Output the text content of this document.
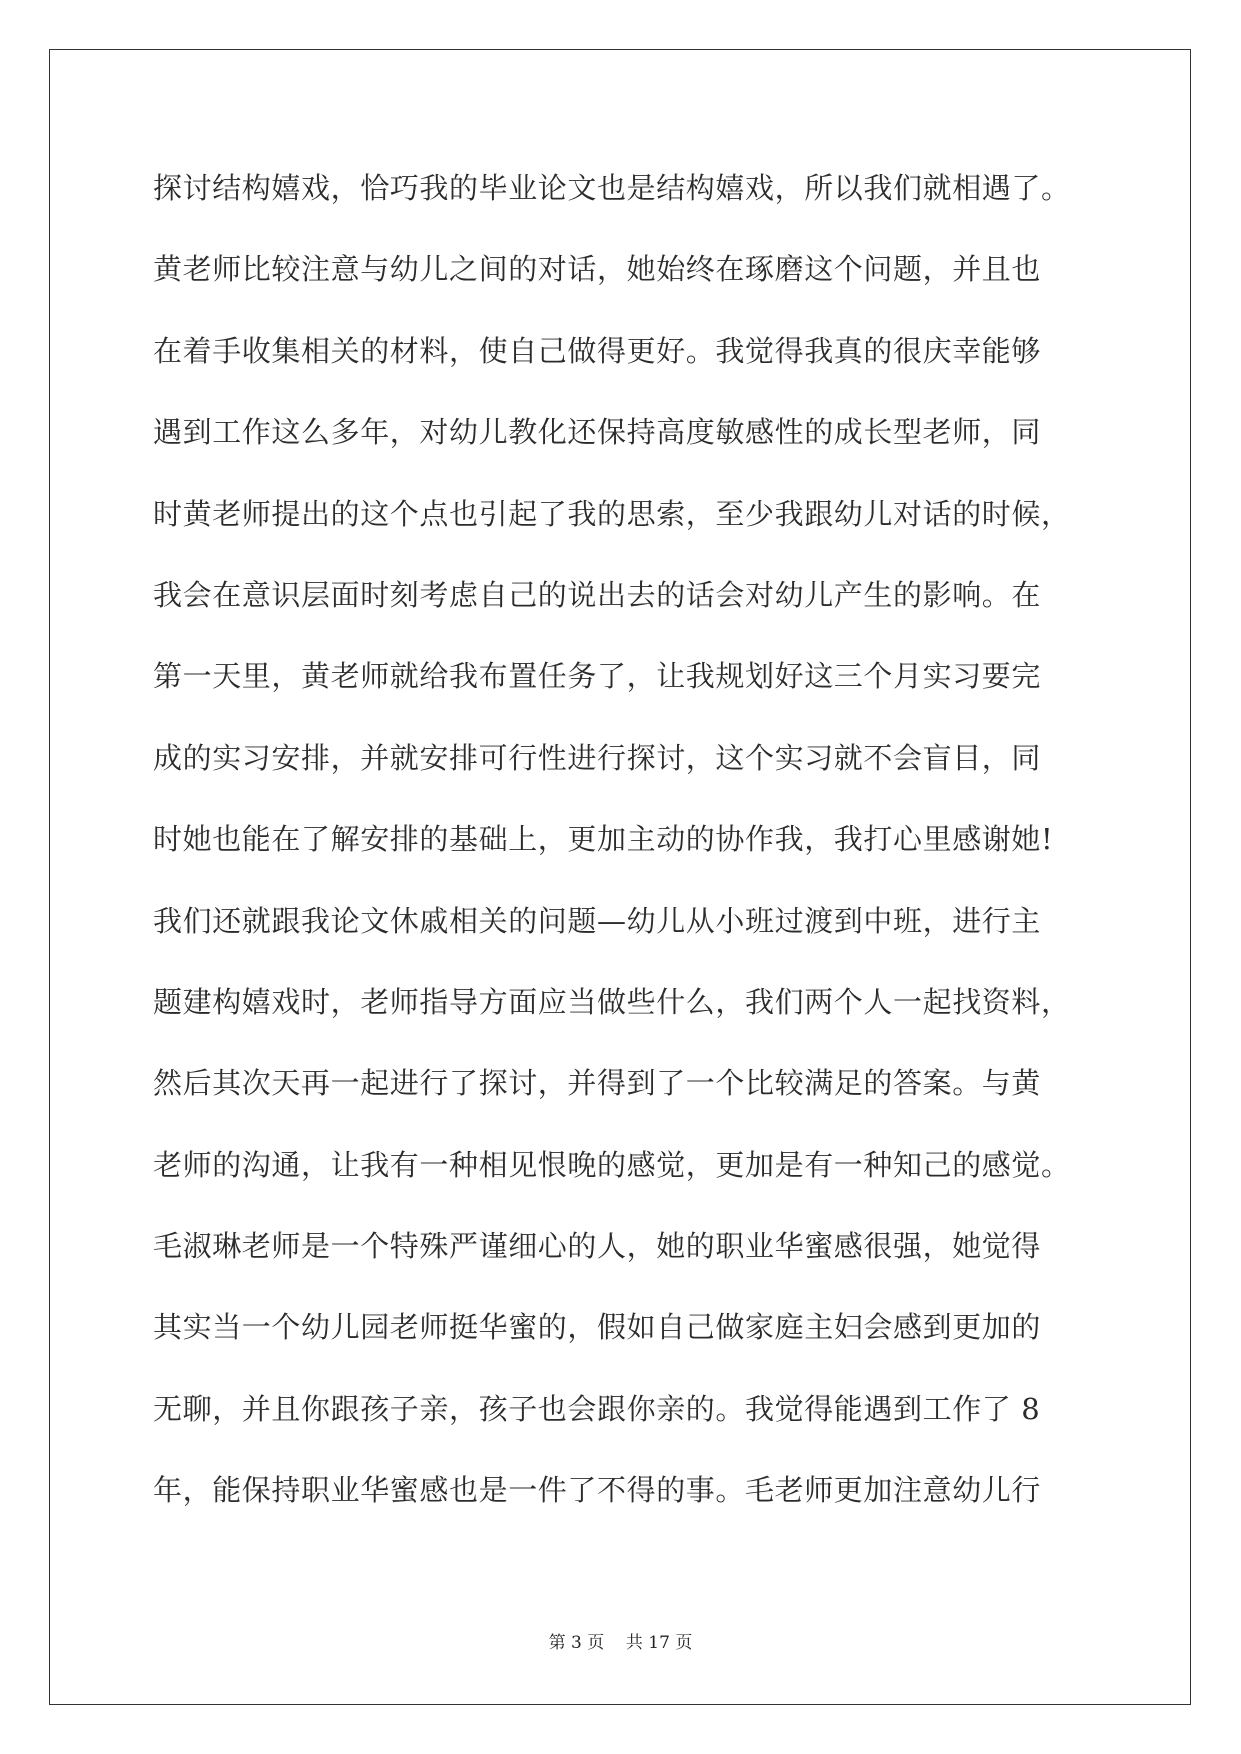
探讨结构嬉戏，恰巧我的毕业论文也是结构嬉戏，所以我们就相遇了。
黄老师比较注意与幼儿之间的对话，她始终在琢磨这个问题，并且也
在着手收集相关的材料，使自己做得更好。我觉得我真的很庆幸能够
遇到工作这么多年，对幼儿教化还保持高度敏感性的成长型老师，同
时黄老师提出的这个点也引起了我的思索，至少我跟幼儿对话的时候，
我会在意识层面时刻考虑自己的说出去的话会对幼儿产生的影响。在
第一天里，黄老师就给我布置任务了，让我规划好这三个月实习要完
成的实习安排，并就安排可行性进行探讨，这个实习就不会盲目，同
时她也能在了解安排的基础上，更加主动的协作我，我打心里感谢她!
我们还就跟我论文休戚相关的问题—幼儿从小班过渡到中班，进行主
题建构嬉戏时，老师指导方面应当做些什么，我们两个人一起找资料，
然后其次天再一起进行了探讨，并得到了一个比较满足的答案。与黄
老师的沟通，让我有一种相见恨晚的感觉，更加是有一种知己的感觉。
毛淑琳老师是一个特殊严谨细心的人，她的职业华蜜感很强，她觉得
其实当一个幼儿园老师挺华蜜的，假如自己做家庭主妇会感到更加的
无聊，并且你跟孩子亲，孩子也会跟你亲的。我觉得能遇到工作了 8
年，能保持职业华蜜感也是一件了不得的事。毛老师更加注意幼儿行
第 3 页    共 17 页
